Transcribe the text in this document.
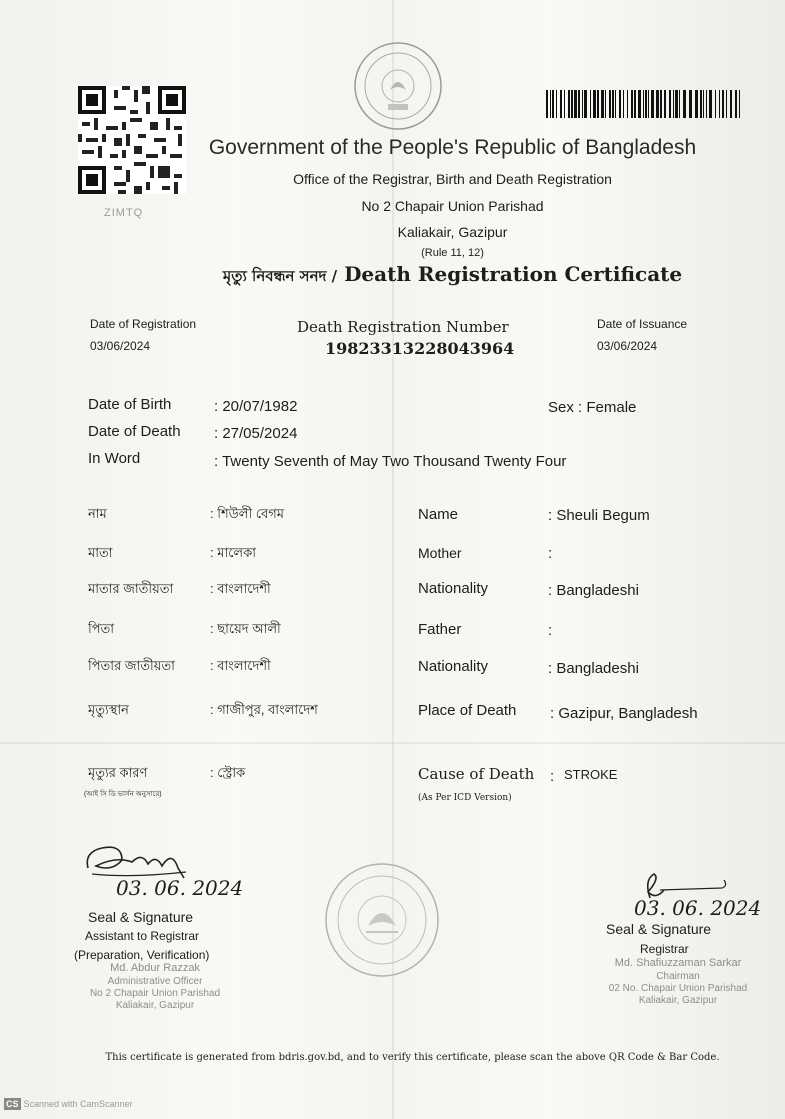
ZIMTQ
Government of the People's Republic of Bangladesh
Office of the Registrar, Birth and Death Registration
No 2 Chapair Union Parishad
Kaliakair, Gazipur
(Rule 11, 12)
মৃত্যু নিবন্ধন সনদ / Death Registration Certificate
Date of Registration
03/06/2024
Death Registration Number
19823313228043964
Date of Issuance
03/06/2024
Date of Birth	: 20/07/1982	Sex : Female
Date of Death : 27/05/2024
In Word	: Twenty Seventh of May Two Thousand Twenty Four
নাম	: শিউলী বেগম	Name	: Sheuli Begum
মাতা	: মালেকা	Mother	:
মাতার জাতীয়তা	: বাংলাদেশী	Nationality	: Bangladeshi
পিতা	: ছায়েদ আলী	Father	:
পিতার জাতীয়তা	: বাংলাদেশী	Nationality	: Bangladeshi
মৃত্যুস্থান	: গাজীপুর, বাংলাদেশ	Place of Death : Gazipur, Bangladesh
মৃত্যুর কারণ
(আই সি ডি ভার্সন অনুসারে)
: স্ট্রোক	Cause of Death
(As Per ICD Version)
: STROKE
03. 06. 2024
Seal & Signature
Assistant to Registrar
(Preparation, Verification)
Md. Abdur Razzak
Administrative Officer
No 2 Chapair Union Parishad
Kaliakair, Gazipur
03. 06. 2024
Seal & Signature
Registrar
Md. Shafiuzzaman Sarkar
Chairman
02 No. Chapair Union Parishad
Kaliakair, Gazipur
This certificate is generated from bdris.gov.bd, and to verify this certificate, please scan the above QR Code & Bar Code.
CS Scanned with CamScanner
